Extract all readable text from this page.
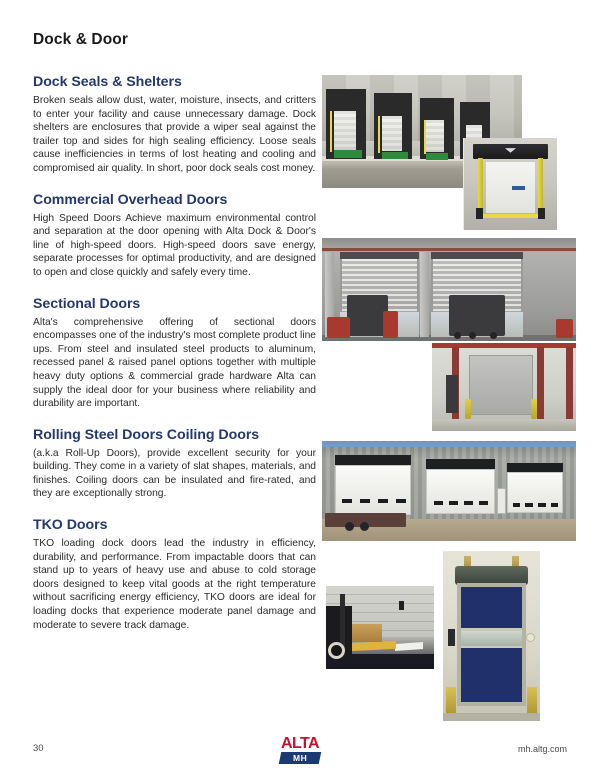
Dock & Door
Dock Seals & Shelters
Broken seals allow dust, water, moisture, insects, and critters to enter your facility and cause unnecessary damage. Dock shelters are enclosures that provide a wiper seal against the trailer top and sides for high sealing efficiency. Loose seals cause inefficiencies in terms of lost heating and cooling and compromised air quality. In short, poor dock seals cost money.
Commercial Overhead Doors
High Speed Doors Achieve maximum environmental control and separation at the door opening with Alta Dock & Door's line of high-speed doors. High-speed doors save energy, separate processes for optimal productivity, and are designed to open and close quickly and safely every time.
Sectional Doors
Alta's comprehensive offering of sectional doors encompasses one of the industry's most complete product line ups. From steel and insulated steel products to aluminum, recessed panel & raised panel options together with multiple heavy duty options & commercial grade hardware Alta can supply the ideal door for your business where reliability and durability are important.
Rolling Steel Doors Coiling Doors
(a.k.a Roll-Up Doors), provide excellent security for your building. They come in a variety of slat shapes, materials, and finishes. Coiling doors can be insulated and fire-rated, and they are exceptionally strong.
TKO Doors
TKO loading dock doors lead the industry in efficiency, durability, and performance. From impactable doors that can stand up to years of heavy use and abuse to cold storage doors designed to keep vital goods at the right temperature without sacrificing energy efficiency, TKO doors are ideal for loading docks that experience moderate panel damage and moderate to severe track damage.
30	ALTA
MH
mh.altg.com
